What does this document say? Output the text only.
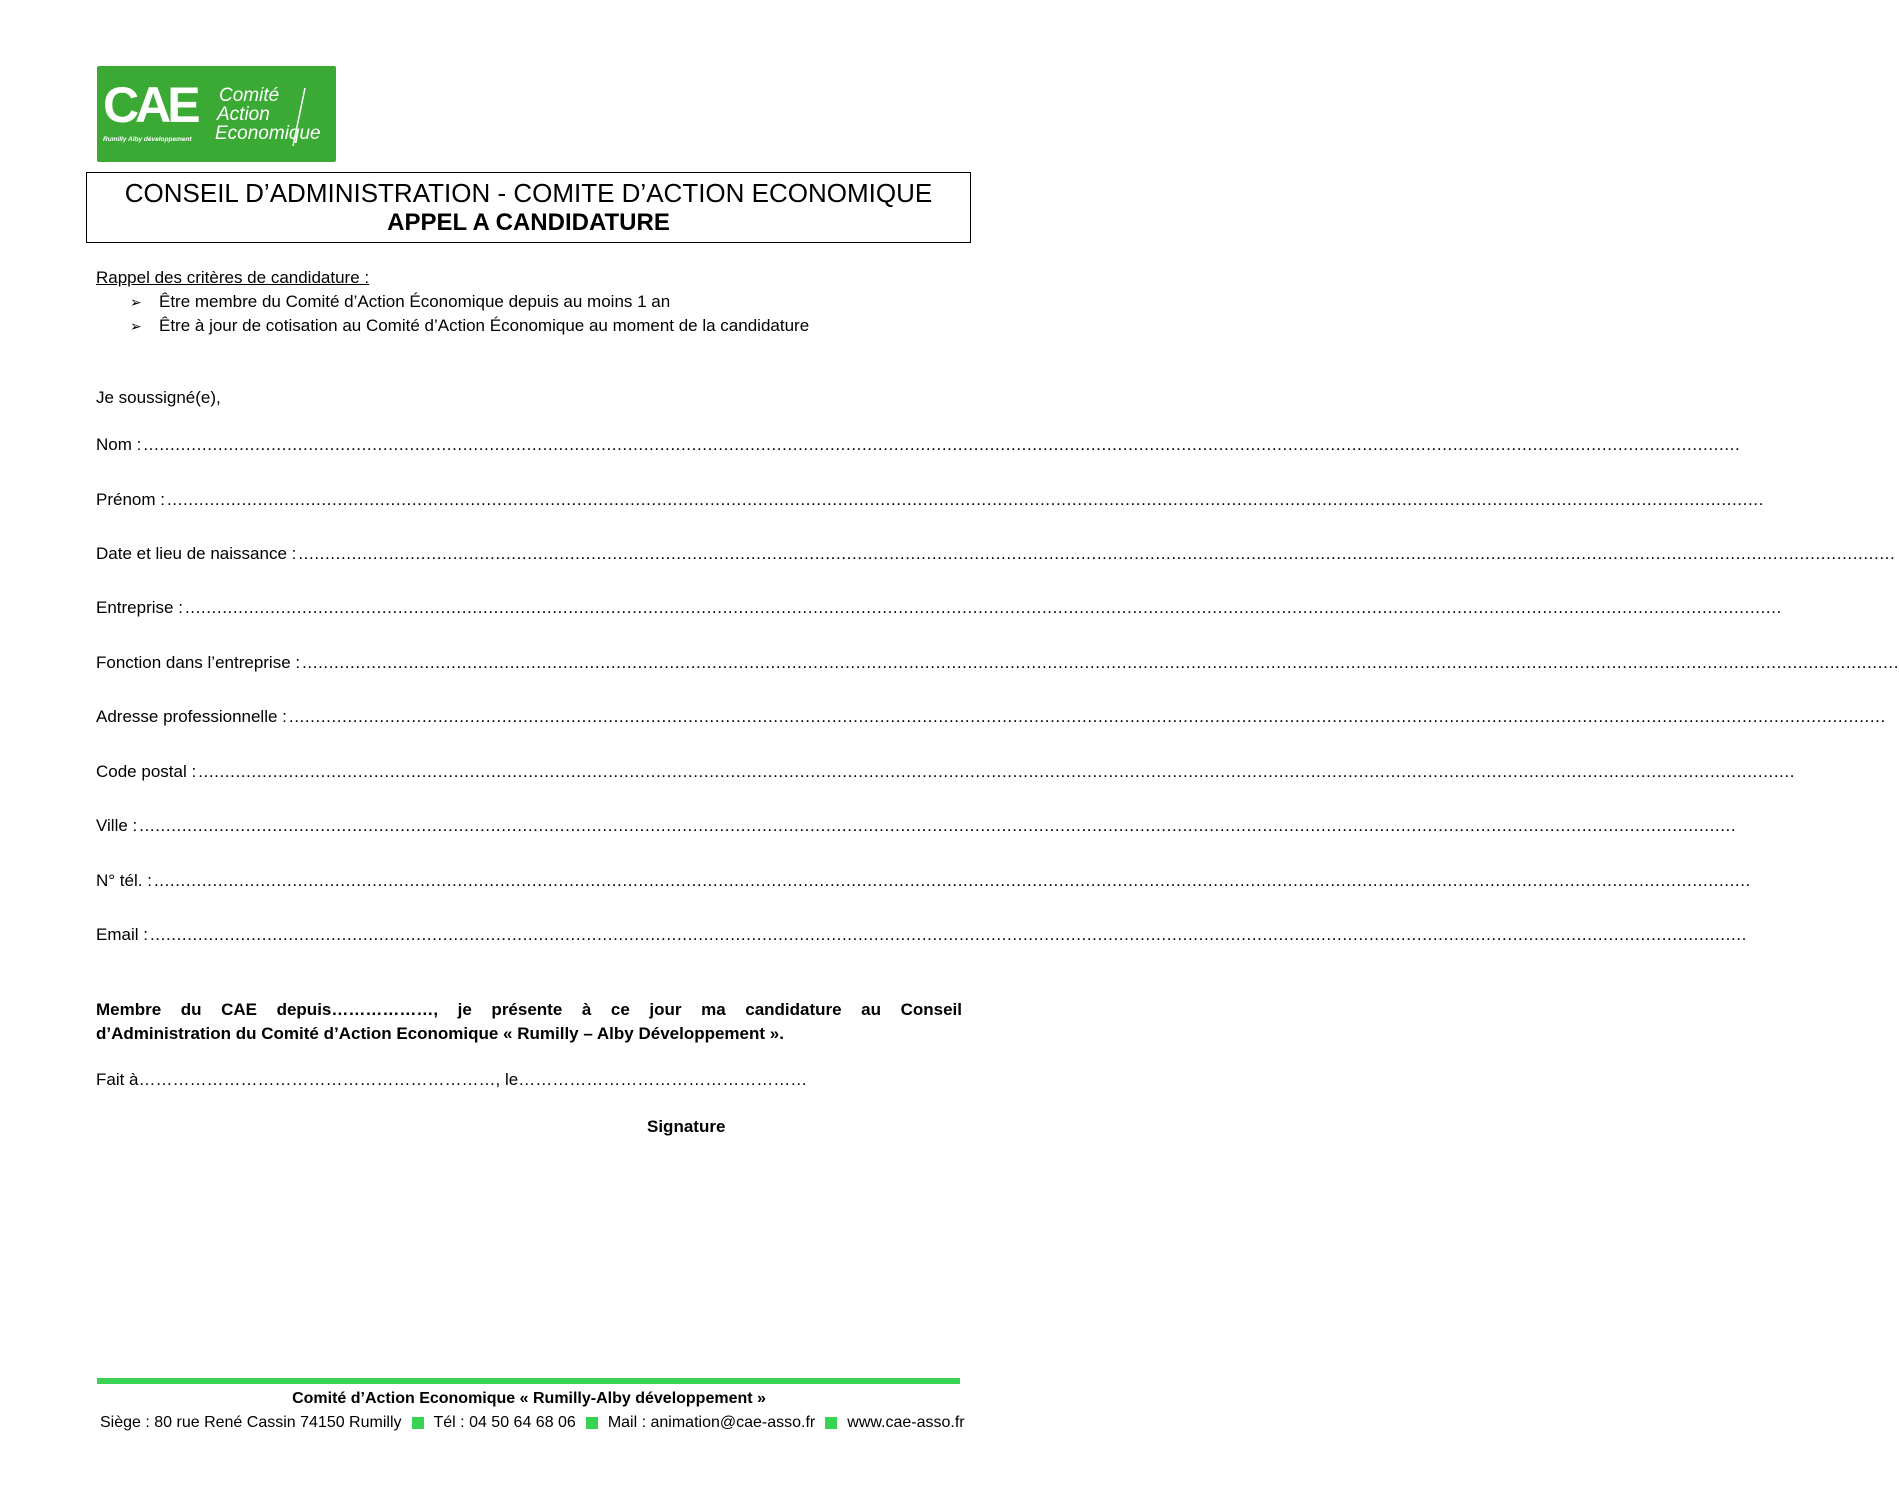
CAE
Rumilly Alby développement
Comité
Action
Economique
CONSEIL D’ADMINISTRATION - COMITE D’ACTION ECONOMIQUE
APPEL A CANDIDATURE
Rappel des critères de candidature :
➢ Être membre du Comité d’Action Économique depuis au moins 1 an
➢ Être à jour de cotisation au Comité d’Action Économique au moment de la candidature
Je soussigné(e),
Nom : ............................................................................................................................................................................................................................................................................................................
Prénom : ............................................................................................................................................................................................................................................................................................................
Date et lieu de naissance : ............................................................................................................................................................................................................................................................................................................
Entreprise : ............................................................................................................................................................................................................................................................................................................
Fonction dans l’entreprise : ............................................................................................................................................................................................................................................................................................................
Adresse professionnelle : ............................................................................................................................................................................................................................................................................................................
Code postal : ............................................................................................................................................................................................................................................................................................................
Ville : ............................................................................................................................................................................................................................................................................................................
N° tél. : ............................................................................................................................................................................................................................................................................................................
Email : ............................................................................................................................................................................................................................................................................................................
Membre du CAE depuis………………, je présente à ce jour ma candidature au Conseil
d’Administration du Comité d’Action Economique « Rumilly – Alby Développement ».
Fait à………………………………………………………, le……………………………………………
Signature
Comité d’Action Economique « Rumilly-Alby développement »
Siège : 80 rue René Cassin 74150 Rumilly Tél : 04 50 64 68 06 Mail : animation@cae-asso.fr www.cae-asso.fr
